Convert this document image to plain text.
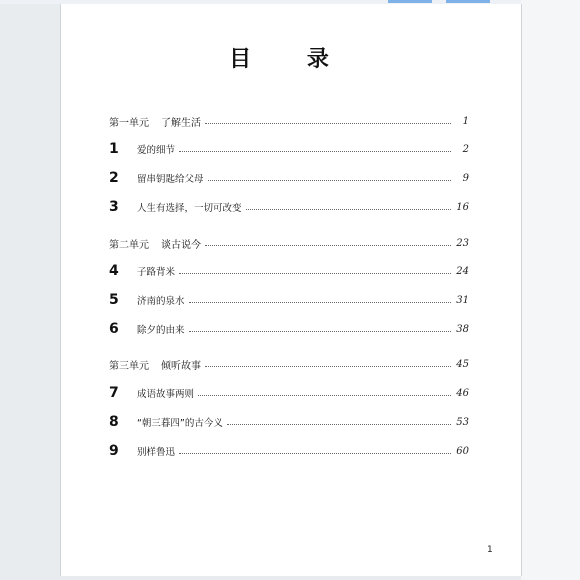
目 录
第一单元 了解生活	1
1	爱的细节	2
2	留串钥匙给父母	9
3	人生有选择，一切可改变	16
第二单元 谈古说今	23
4	子路背米	24
5	济南的泉水	31
6	除夕的由来	38
第三单元 倾听故事	45
7	成语故事两则	46
8	“朝三暮四”的古今义	53
9	别样鲁迅	60
1
